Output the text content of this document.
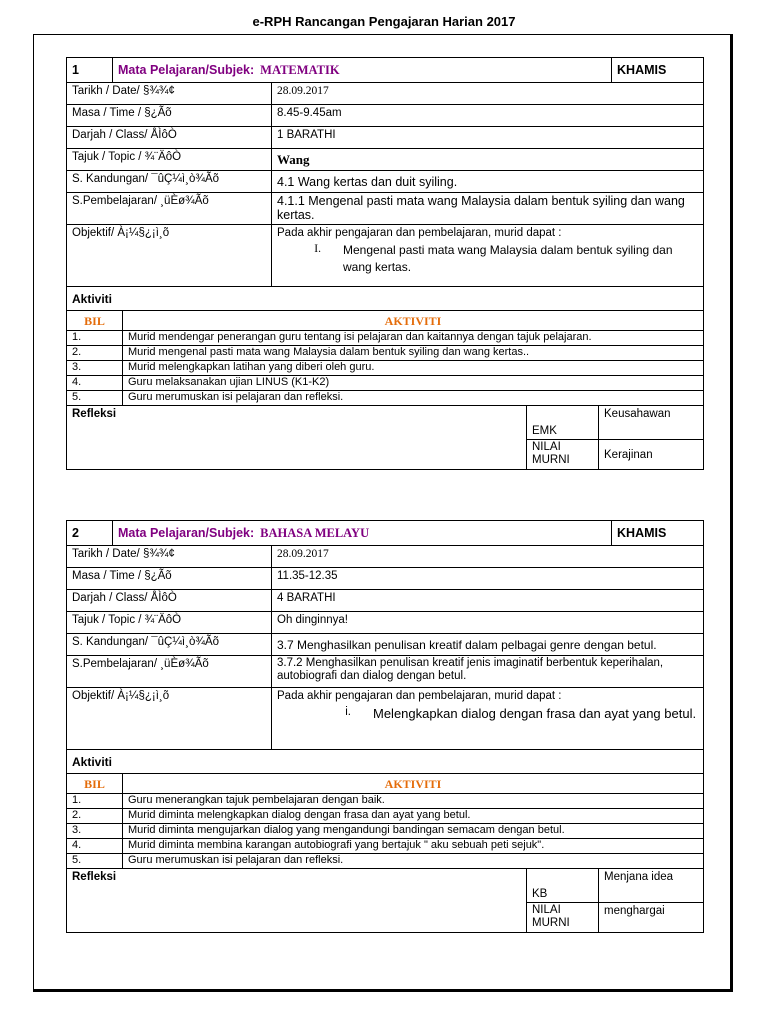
e-RPH Rancangan Pengajaran Harian 2017
1	Mata Pelajaran/Subjek: MATEMATIK		KHAMIS
Tarikh / Date/ §¾¾¢		28.09.2017	
Masa / Time / §¿Ãõ		8.45-9.45am	
Darjah / Class/ ÅÌôÒ		1 BARATHI	
Tajuk / Topic / ¾¨ÄôÒ		Wang	
S. Kandungan/ ¯ûÇ¼ì¸ò¾Ãõ		4.1 Wang kertas dan duit syiling.	
S.Pembelajaran/ ¸üÈø¾Ãõ		4.1.1 Mengenal pasti mata wang Malaysia dalam bentuk syiling dan wang kertas.	
Objektif/ À¡¼§¿¡ì¸õ		Pada akhir pengajaran dan pembelajaran, murid dapat :
I. Mengenal pasti mata wang Malaysia dalam bentuk syiling dan wang kertas.	
Aktiviti	
BIL	AKTIVITI
1.	Murid mendengar penerangan guru tentang isi pelajaran dan kaitannya dengan tajuk pelajaran.
2.	Murid mengenal pasti mata wang Malaysia dalam bentuk syiling dan wang kertas..
3.	Murid melengkapkan latihan yang diberi oleh guru.
4.	Guru melaksanakan ujian LINUS (K1-K2)
5.	Guru merumuskan isi pelajaran dan refleksi.
Refleksi	EMK	Keusahawan
	NILAI MURNI	Kerajinan
2	Mata Pelajaran/Subjek: BAHASA MELAYU		KHAMIS
Tarikh / Date/ §¾¾¢		28.09.2017	
Masa / Time / §¿Ãõ		11.35-12.35	
Darjah / Class/ ÅÌôÒ		4 BARATHI	
Tajuk / Topic / ¾¨ÄôÒ		Oh dinginnya!	
S. Kandungan/ ¯ûÇ¼ì¸ò¾Ãõ		3.7 Menghasilkan penulisan kreatif dalam pelbagai genre dengan betul.	
S.Pembelajaran/ ¸üÈø¾Ãõ		3.7.2 Menghasilkan penulisan kreatif jenis imaginatif berbentuk keperihalan, autobiografi dan dialog dengan betul.	
Objektif/ À¡¼§¿¡ì¸õ		Pada akhir pengajaran dan pembelajaran, murid dapat :
i. Melengkapkan dialog dengan frasa dan ayat yang betul.	
Aktiviti	
BIL	AKTIVITI
1.	Guru menerangkan tajuk pembelajaran dengan baik.
2.	Murid diminta melengkapkan dialog dengan frasa dan ayat yang betul.
3.	Murid diminta mengujarkan dialog yang mengandungi bandingan semacam dengan betul.
4.	Murid diminta membina karangan autobiografi yang bertajuk " aku sebuah peti sejuk".
5.	Guru merumuskan isi pelajaran dan refleksi.
Refleksi	KB	Menjana idea
	NILAI MURNI	menghargai
